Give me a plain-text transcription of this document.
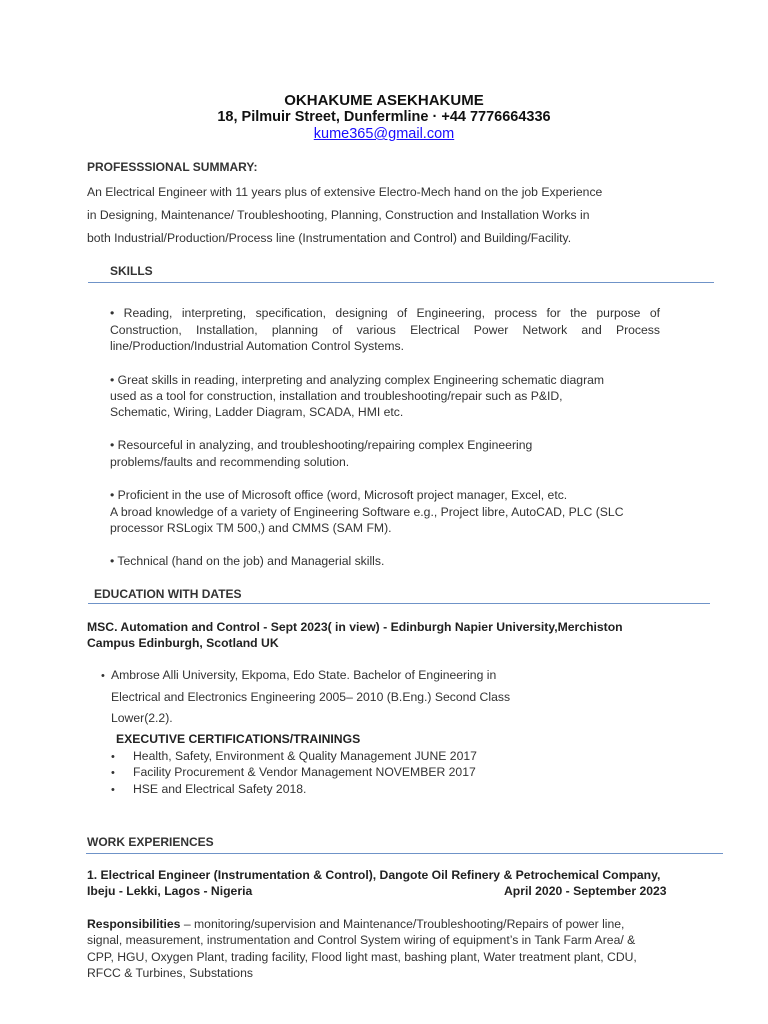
OKHAKUME ASEKHAKUME
18, Pilmuir Street, Dunfermline · +44 7776664336
kume365@gmail.com
PROFESSSIONAL SUMMARY:
An Electrical Engineer with 11 years plus of extensive Electro-Mech hand on the job Experience
in Designing, Maintenance/ Troubleshooting, Planning, Construction and Installation Works in
both Industrial/Production/Process line (Instrumentation and Control) and Building/Facility.
SKILLS
• Reading, interpreting, specification, designing of Engineering, process for the purpose of Construction, Installation, planning of various Electrical Power Network and Process line/Production/Industrial Automation Control Systems.
• Great skills in reading, interpreting and analyzing complex Engineering schematic diagram
used as a tool for construction, installation and troubleshooting/repair such as P&ID,
Schematic, Wiring, Ladder Diagram, SCADA, HMI etc.
• Resourceful in analyzing, and troubleshooting/repairing complex Engineering
problems/faults and recommending solution.
• Proficient in the use of Microsoft office (word, Microsoft project manager, Excel, etc.
A broad knowledge of a variety of Engineering Software e.g., Project libre, AutoCAD, PLC (SLC
processor RSLogix TM 500,) and CMMS (SAM FM).
• Technical (hand on the job) and Managerial skills.
EDUCATION WITH DATES
MSC. Automation and Control - Sept 2023( in view) - Edinburgh Napier University,Merchiston
Campus Edinburgh, Scotland UK
• Ambrose Alli University, Ekpoma, Edo State. Bachelor of Engineering in
Electrical and Electronics Engineering 2005– 2010 (B.Eng.) Second Class
Lower(2.2).
EXECUTIVE CERTIFICATIONS/TRAININGS
• Health, Safety, Environment & Quality Management JUNE 2017
• Facility Procurement & Vendor Management NOVEMBER 2017
• HSE and Electrical Safety 2018.
WORK EXPERIENCES
1. Electrical Engineer (Instrumentation & Control), Dangote Oil Refinery & Petrochemical Company,
Ibeju - Lekki, Lagos - Nigeria	April 2020 - September 2023
Responsibilities – monitoring/supervision and Maintenance/Troubleshooting/Repairs of power line,
signal, measurement, instrumentation and Control System wiring of equipment’s in Tank Farm Area/ &
CPP, HGU, Oxygen Plant, trading facility, Flood light mast, bashing plant, Water treatment plant, CDU,
RFCC & Turbines, Substations
